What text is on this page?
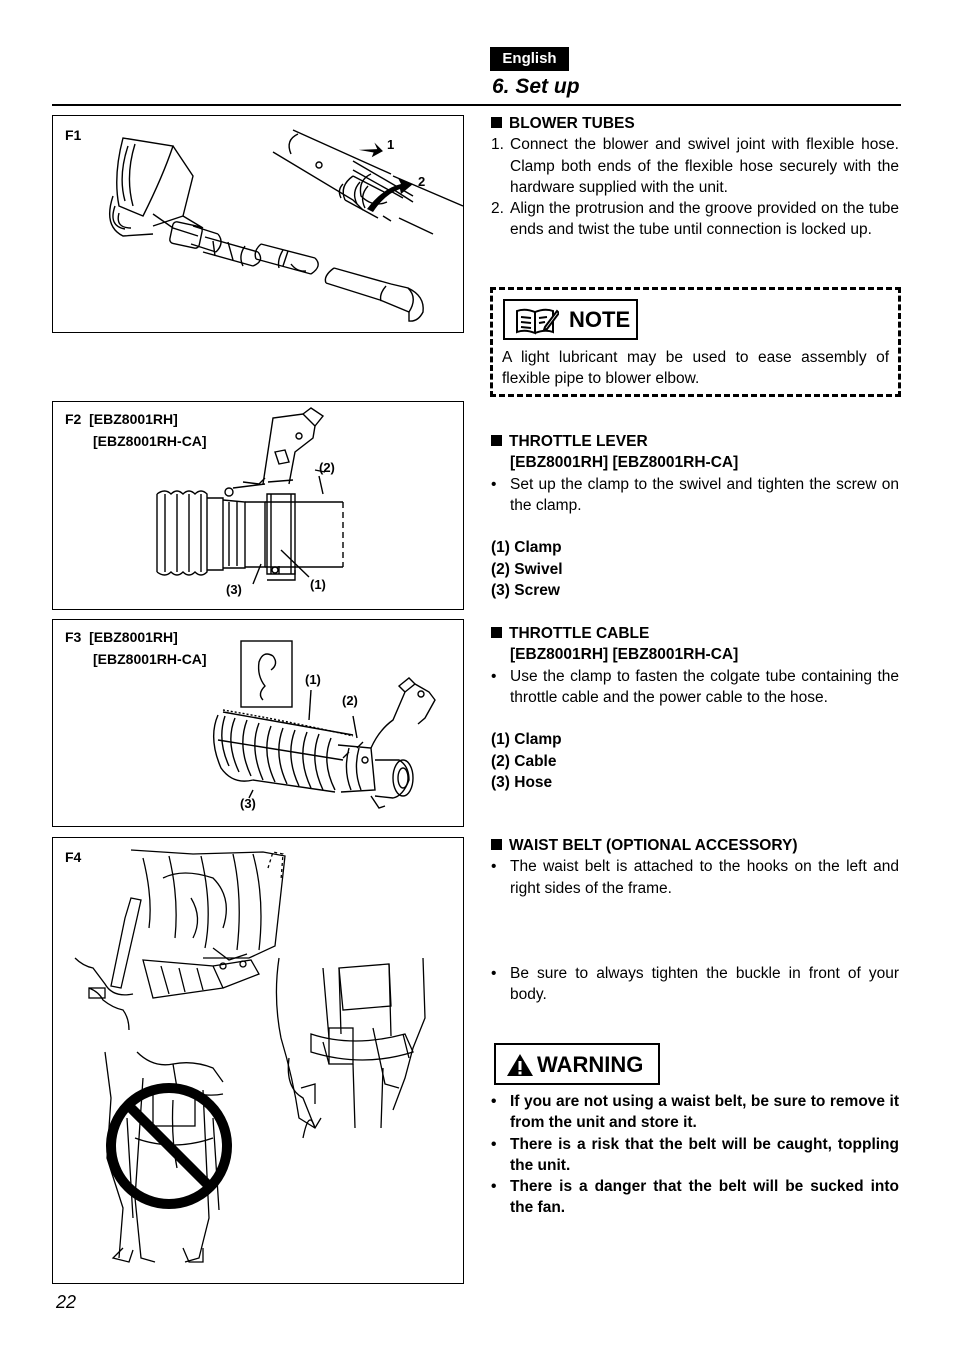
English
6. Set up
F1
1
2
F2 [EBZ8001RH]
[EBZ8001RH-CA]
(2)
(1)
(3)
F3 [EBZ8001RH]
[EBZ8001RH-CA]
(1)
(2)
(3)
F4
BLOWER TUBES
1. Connect the blower and swivel joint with flexible hose. Clamp both ends of the flexible hose securely with the hardware supplied with the unit.
2. Align the protrusion and the groove provided on the tube ends and twist the tube until connection is locked up.
NOTE
A light lubricant may be used to ease assembly of flexible pipe to blower elbow.
THROTTLE LEVER
[EBZ8001RH] [EBZ8001RH-CA]
• Set up the clamp to the swivel and tighten the screw on the clamp.
(1) Clamp
(2) Swivel
(3) Screw
THROTTLE CABLE
[EBZ8001RH] [EBZ8001RH-CA]
• Use the clamp to fasten the colgate tube containing the throttle cable and the power cable to the hose.
(1) Clamp
(2) Cable
(3) Hose
WAIST BELT (OPTIONAL ACCESSORY)
• The waist belt is attached to the hooks on the left and right sides of the frame.
• Be sure to always tighten the buckle in front of your body.
WARNING
• If you are not using a waist belt, be sure to remove it from the unit and store it.
• There is a risk that the belt will be caught, toppling the unit.
• There is a danger that the belt will be sucked into the fan.
22
